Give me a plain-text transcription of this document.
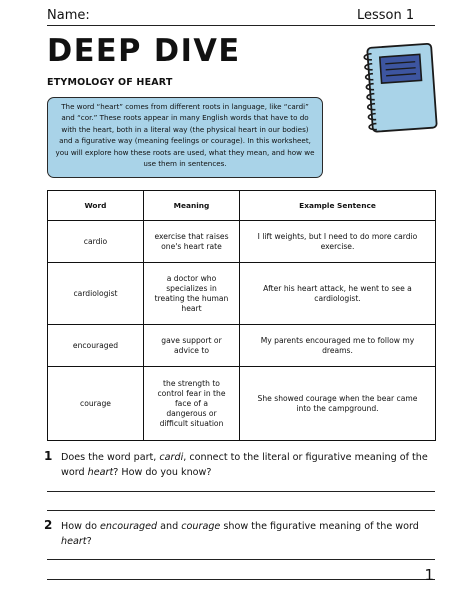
Name:	Lesson 1
DEEP DIVE
ETYMOLOGY OF HEART
The word “heart” comes from different roots in language, like “cardi” and “cor.” These roots appear in many English words that have to do with the heart, both in a literal way (the physical heart in our bodies) and a figurative way (meaning feelings or courage). In this worksheet, you will explore how these roots are used, what they mean, and how we use them in sentences.
Word	Meaning	Example Sentence
cardio	exercise that raises one's heart rate	I lift weights, but I need to do more cardio exercise.
cardiologist	a doctor who specializes in treating the human heart	After his heart attack, he went to see a cardiologist.
encouraged	gave support or advice to	My parents encouraged me to follow my dreams.
courage	the strength to control fear in the face of a dangerous or difficult situation	She showed courage when the bear came into the campground.
1 Does the word part, cardi, connect to the literal or figurative meaning of the word heart? How do you know?
2 How do encouraged and courage show the figurative meaning of the word heart?
1
